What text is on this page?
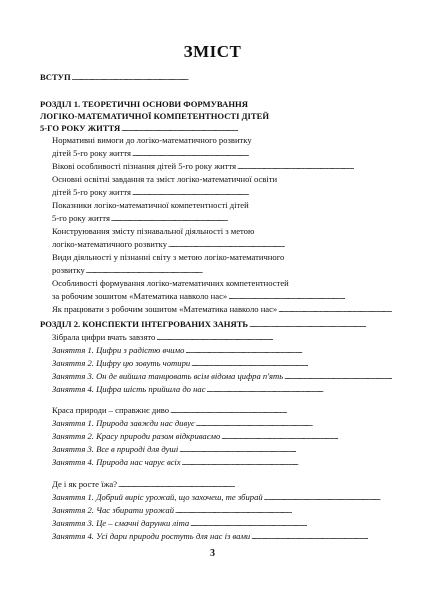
ЗМІСТ
ВСТУП
. . .
РОЗДІЛ 1. ТЕОРЕТИЧНІ ОСНОВИ ФОРМУВАННЯ
ЛОГІКО-МАТЕМАТИЧНОЇ КОМПЕТЕНТНОСТІ ДІТЕЙ
5-ГО РОКУ ЖИТТЯ
. . .
Нормативні вимоги до логіко-математичного розвитку
дітей 5-го року життя
. . .
Вікові особливості пізнання дітей 5-го року життя
. . .
Основні освітні завдання та зміст логіко-математичної освіти
дітей 5-го року життя
. . .
Показники логіко-математичної компетентності дітей
5-го року життя
. . .
Конструювання змісту пізнавальної діяльності з метою
логіко-математичного розвитку
. . .
Види діяльності у пізнанні світу з метою логіко-математичного
розвитку
. . .
Особливості формування логіко-математичних компетентностей
за робочим зошитом «Математика навколо нас»
. . .
Як працювати з робочим зошитом «Математика навколо нас»
. . .
РОЗДІЛ 2. КОНСПЕКТИ ІНТЕГРОВАНИХ ЗАНЯТЬ
. . .
Зібрала цифри вчать завзято
. . .
Заняття 1. Цифри з радістю вчимо
. . .
Заняття 2. Цифру цю зовуть чотири
. . .
Заняття 3. Он де вийшла танцювать всім відома цифра п'ять
. . .
Заняття 4. Цифра шість прийшла до нас
. . .
Краса природи – справжнє диво
. . .
Заняття 1. Природа завжди нас дивує
. . .
Заняття 2. Красу природи разом відкриваємо
. . .
Заняття 3. Все в природі для душі
. . .
Заняття 4. Природа нас чарує всіх
. . .
Де і як росте їжа?
. . .
Заняття 1. Добрий виріс урожай, що захочеш, те збирай
. . .
Заняття 2. Час збирати урожай
. . .
Заняття 3. Це – смачні дарунки літа
. . .
Заняття 4. Усі дари природи ростуть для нас із вами
. . .
3
